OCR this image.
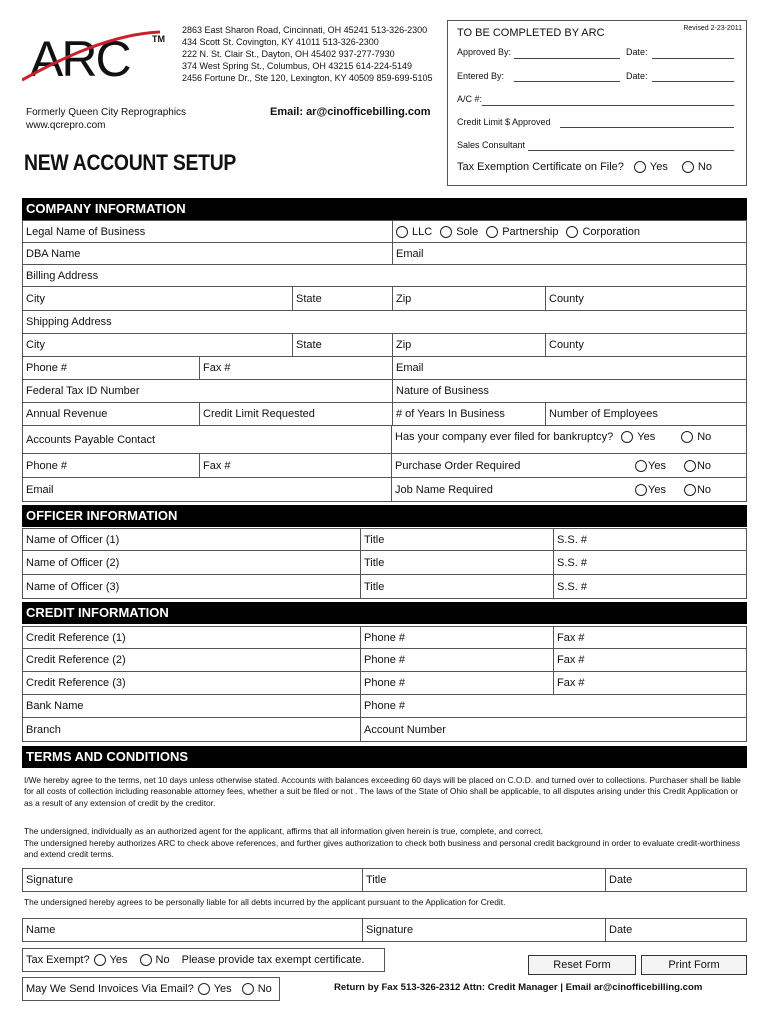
ARC TM
2863 East Sharon Road, Cincinnati, OH 45241 513-326-2300
434 Scott St. Covington, KY 41011 513-326-2300
222 N. St. Clair St., Dayton, OH 45402 937-277-7930
374 West Spring St., Columbus, OH 43215 614-224-5149
2456 Fortune Dr., Ste 120, Lexington, KY 40509 859-699-5105
Formerly Queen City Reprographics
www.qcrepro.com
Email: ar@cinofficebilling.com
NEW ACCOUNT SETUP
TO BE COMPLETED BY ARC	Revised 2-23-2011
Approved By:	Date:
Entered By:	Date:
A/C #:
Credit Limit $ Approved
Sales Consultant
Tax Exemption Certificate on File? Yes	No
COMPANY INFORMATION
Legal Name of Business	LLC Sole Partnership Corporation
DBA Name	Email
Billing Address
City	State	Zip	County
Shipping Address
City	State	Zip	County
Phone #	Fax #	Email
Federal Tax ID Number	Nature of Business
Annual Revenue	Credit Limit Requested	# of Years In Business	Number of Employees
Accounts Payable Contact	Has your company ever filed for bankruptcy? Yes	No
Phone #	Fax #	Purchase Order Required	Yes	No
Email	Job Name Required	Yes	No
OFFICER INFORMATION
Name of Officer (1)	Title	S.S. #
Name of Officer (2)	Title	S.S. #
Name of Officer (3)	Title	S.S. #
CREDIT INFORMATION
Credit Reference (1)	Phone #	Fax #
Credit Reference (2)	Phone #	Fax #
Credit Reference (3)	Phone #	Fax #
Bank Name	Phone #
Branch	Account Number
TERMS AND CONDITIONS
I/We hereby agree to the terms, net 10 days unless otherwise stated. Accounts with balances exceeding 60 days will be placed on C.O.D. and turned over to collections. Purchaser shall be liable for all costs of collection including reasonable attorney fees, whether a suit be filed or not . The laws of the State of Ohio shall be applicable, to all disputes arising under this Credit Application or as a result of any extension of credit by the creditor.
The undersigned, individually as an authorized agent for the applicant, affirms that all information given herein is true, complete, and correct.
The undersigned hereby authorizes ARC to check above references, and further gives authorization to check both business and personal credit background in order to evaluate credit-worthiness and extend credit terms.
Signature	Title	Date
The undersigned hereby agrees to be personally liable for all debts incurred by the applicant pursuant to the Application for Credit.
Name	Signature	Date
Tax Exempt? Yes	No Please provide tax exempt certificate.	Reset Form	Print Form
May We Send Invoices Via Email? Yes No	Return by Fax 513-326-2312 Attn: Credit Manager | Email ar@cinofficebilling.com
